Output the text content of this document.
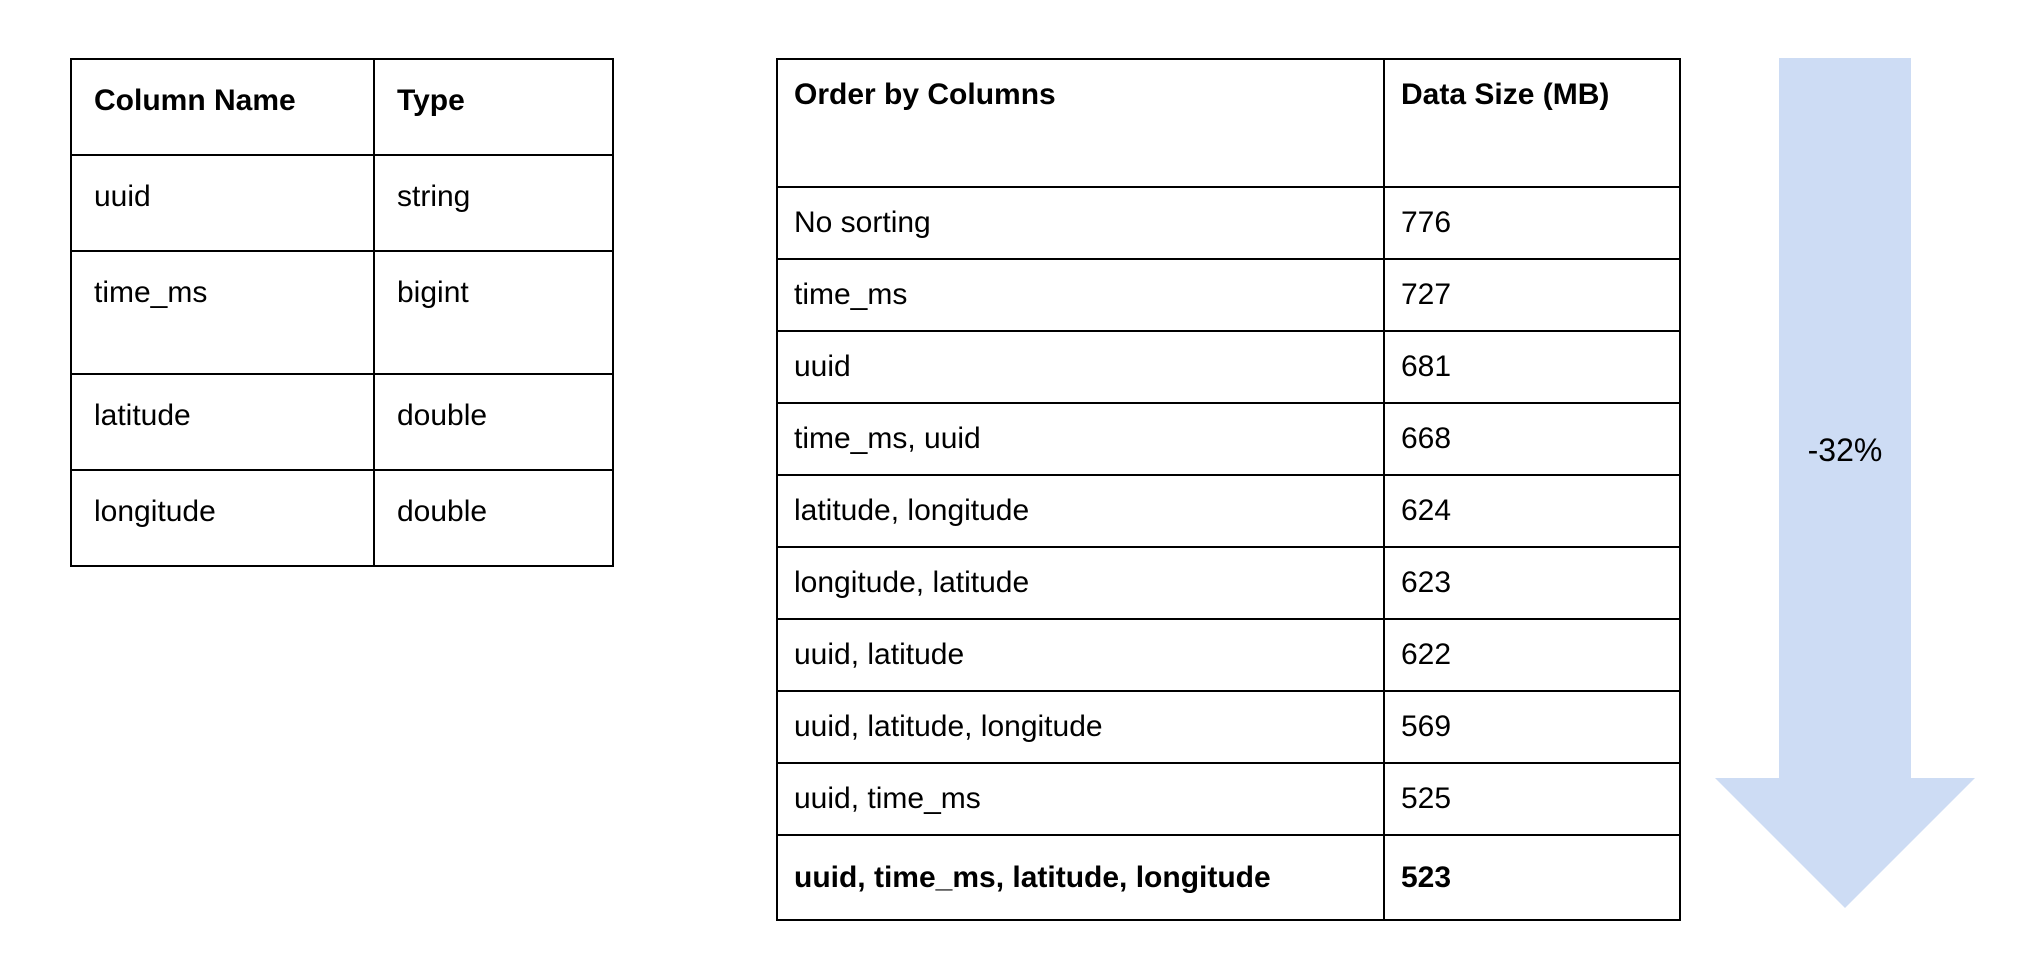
Column Name	Type
uuid	string
time_ms	bigint
latitude	double
longitude	double
Order by Columns	Data Size (MB)
No sorting	776
time_ms	727
uuid	681
time_ms, uuid	668
latitude, longitude	624
longitude, latitude	623
uuid, latitude	622
uuid, latitude, longitude	569
uuid, time_ms	525
uuid, time_ms, latitude, longitude	523
-32%
